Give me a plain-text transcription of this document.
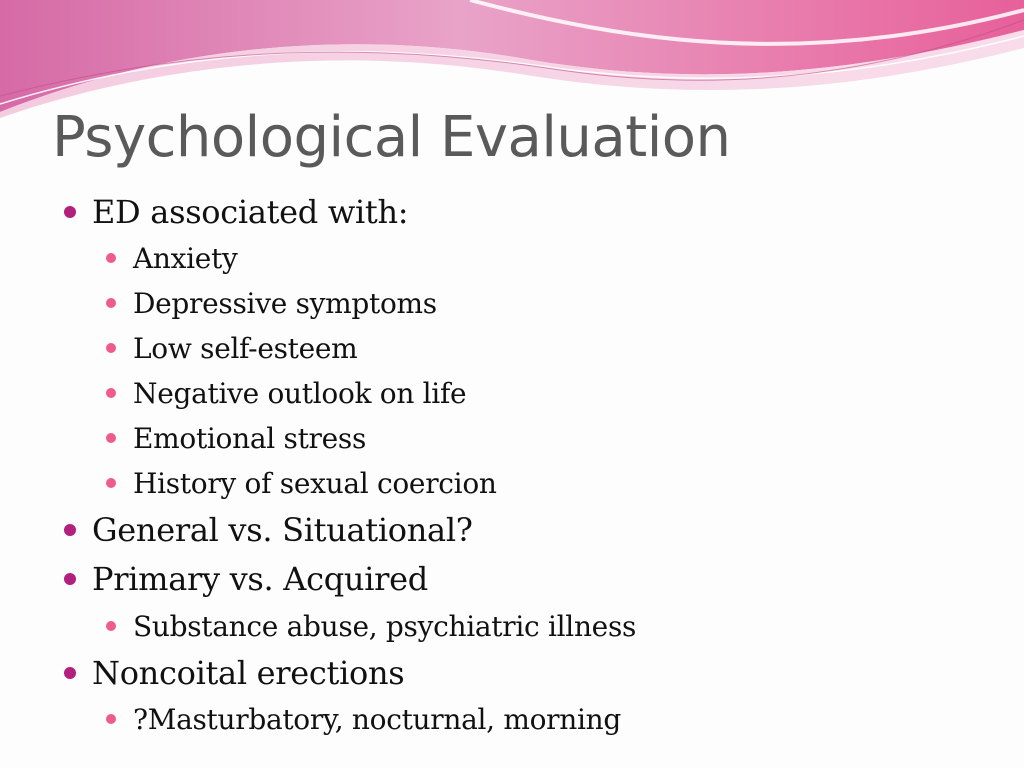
Psychological Evaluation
ED associated with:
Anxiety
Depressive symptoms
Low self-esteem
Negative outlook on life
Emotional stress
History of sexual coercion
General vs. Situational?
Primary vs. Acquired
Substance abuse, psychiatric illness
Noncoital erections
?Masturbatory, nocturnal, morning
